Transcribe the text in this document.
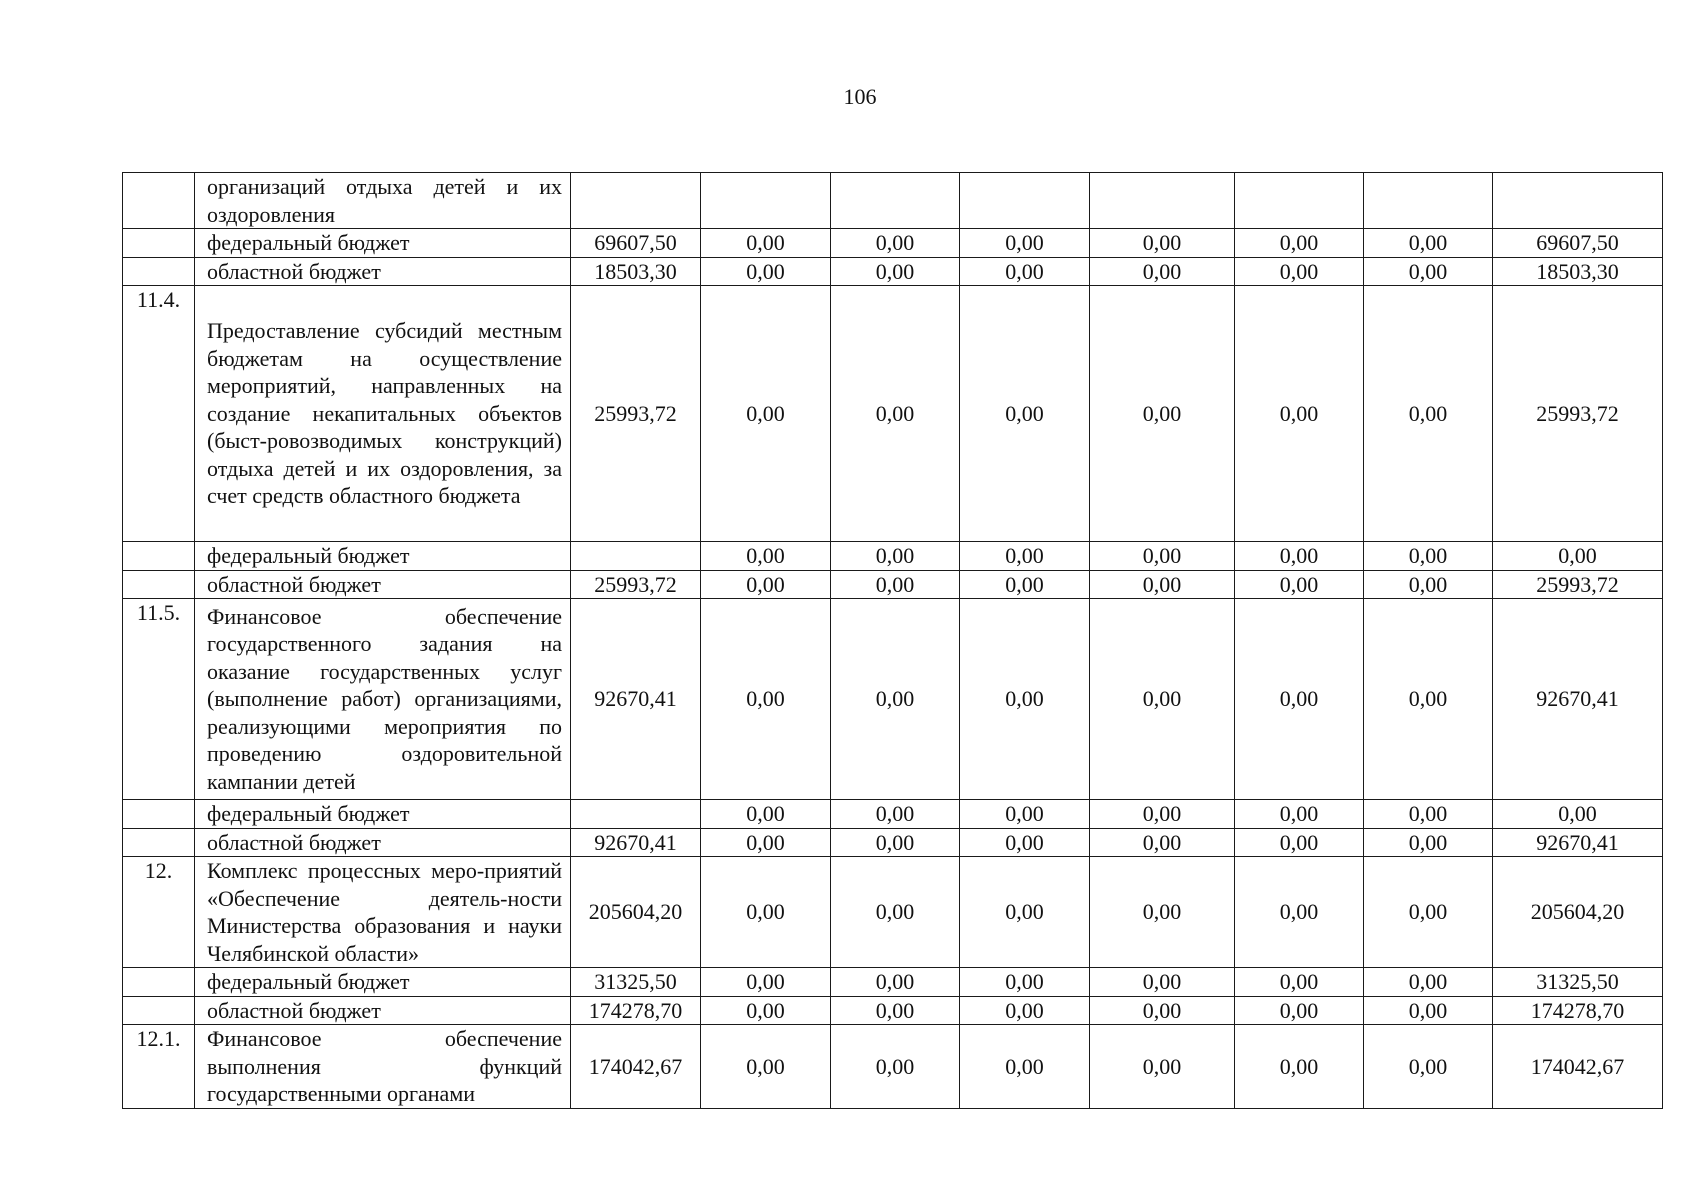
106
	организаций отдыха детей и их оздоровления								
	федеральный бюджет	69607,50	0,00	0,00	0,00	0,00	0,00	0,00	69607,50
	областной бюджет	18503,30	0,00	0,00	0,00	0,00	0,00	0,00	18503,30
11.4.	Предоставление субсидий местным бюджетам на осуществление мероприятий, направленных на создание некапитальных объектов (быст-ровозводимых конструкций) отдыха детей и их оздоровления, за счет средств областного бюджета	25993,72	0,00	0,00	0,00	0,00	0,00	0,00	25993,72
	федеральный бюджет		0,00	0,00	0,00	0,00	0,00	0,00	0,00
	областной бюджет	25993,72	0,00	0,00	0,00	0,00	0,00	0,00	25993,72
11.5.	Финансовое обеспечение государственного задания на оказание государственных услуг (выполнение работ) организациями, реализующими мероприятия по проведению оздоровительной кампании детей	92670,41	0,00	0,00	0,00	0,00	0,00	0,00	92670,41
	федеральный бюджет		0,00	0,00	0,00	0,00	0,00	0,00	0,00
	областной бюджет	92670,41	0,00	0,00	0,00	0,00	0,00	0,00	92670,41
12.	Комплекс процессных меро-приятий «Обеспечение деятель-ности Министерства образования и науки Челябинской области»	205604,20	0,00	0,00	0,00	0,00	0,00	0,00	205604,20
	федеральный бюджет	31325,50	0,00	0,00	0,00	0,00	0,00	0,00	31325,50
	областной бюджет	174278,70	0,00	0,00	0,00	0,00	0,00	0,00	174278,70
12.1.	Финансовое обеспечение выполнения функций государственными органами	174042,67	0,00	0,00	0,00	0,00	0,00	0,00	174042,67
